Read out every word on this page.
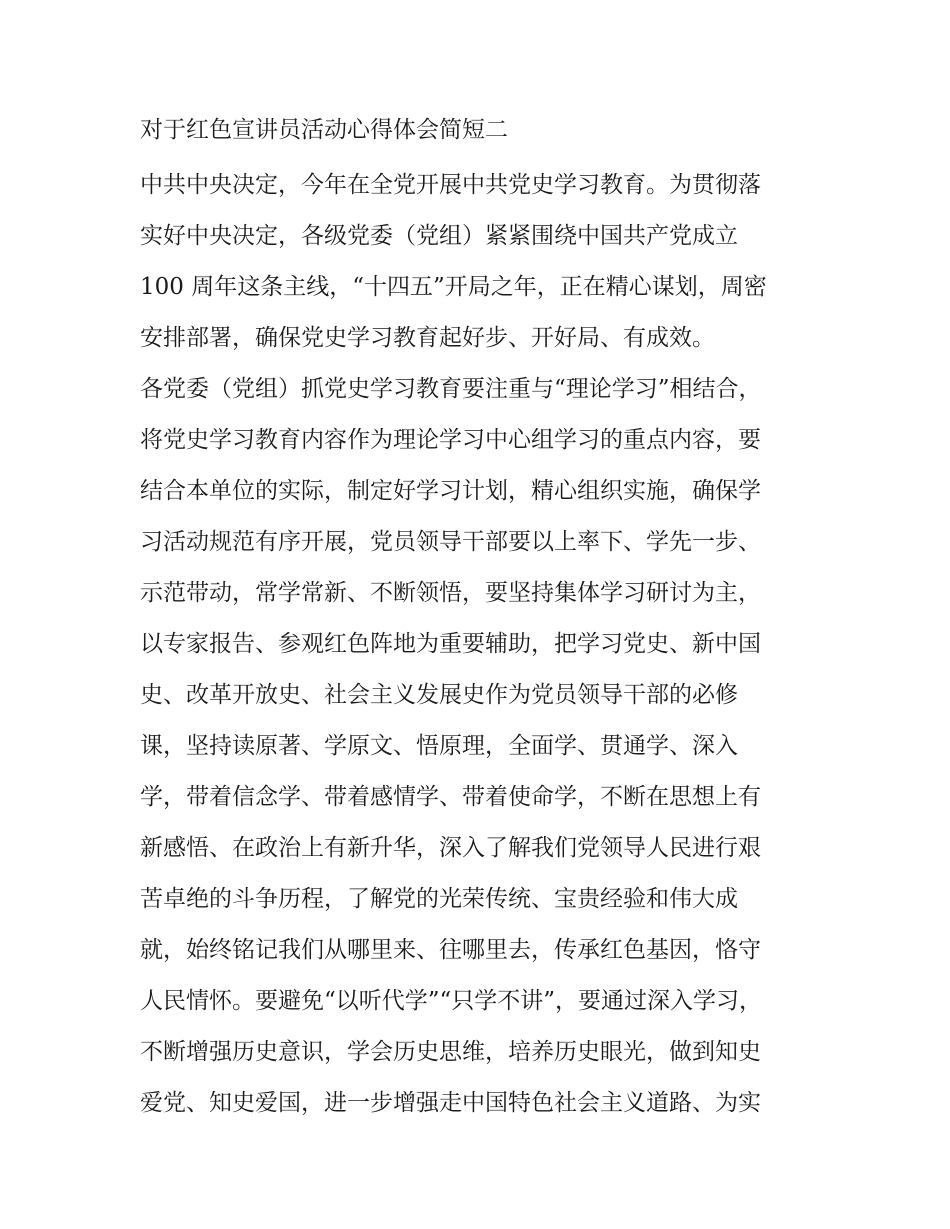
对于红色宣讲员活动心得体会简短二
中共中央决定，今年在全党开展中共党史学习教育。为贯彻落
实好中央决定，各级党委（党组）紧紧围绕中国共产党成立
100 周年这条主线，“十四五”开局之年，正在精心谋划，周密
安排部署，确保党史学习教育起好步、开好局、有成效。
各党委（党组）抓党史学习教育要注重与“理论学习”相结合，
将党史学习教育内容作为理论学习中心组学习的重点内容，要
结合本单位的实际，制定好学习计划，精心组织实施，确保学
习活动规范有序开展，党员领导干部要以上率下、学先一步、
示范带动，常学常新、不断领悟，要坚持集体学习研讨为主，
以专家报告、参观红色阵地为重要辅助，把学习党史、新中国
史、改革开放史、社会主义发展史作为党员领导干部的必修
课，坚持读原著、学原文、悟原理，全面学、贯通学、深入
学，带着信念学、带着感情学、带着使命学，不断在思想上有
新感悟、在政治上有新升华，深入了解我们党领导人民进行艰
苦卓绝的斗争历程，了解党的光荣传统、宝贵经验和伟大成
就，始终铭记我们从哪里来、往哪里去，传承红色基因，恪守
人民情怀。要避免“以听代学”“只学不讲”，要通过深入学习，
不断增强历史意识，学会历史思维，培养历史眼光，做到知史
爱党、知史爱国，进一步增强走中国特色社会主义道路、为实
